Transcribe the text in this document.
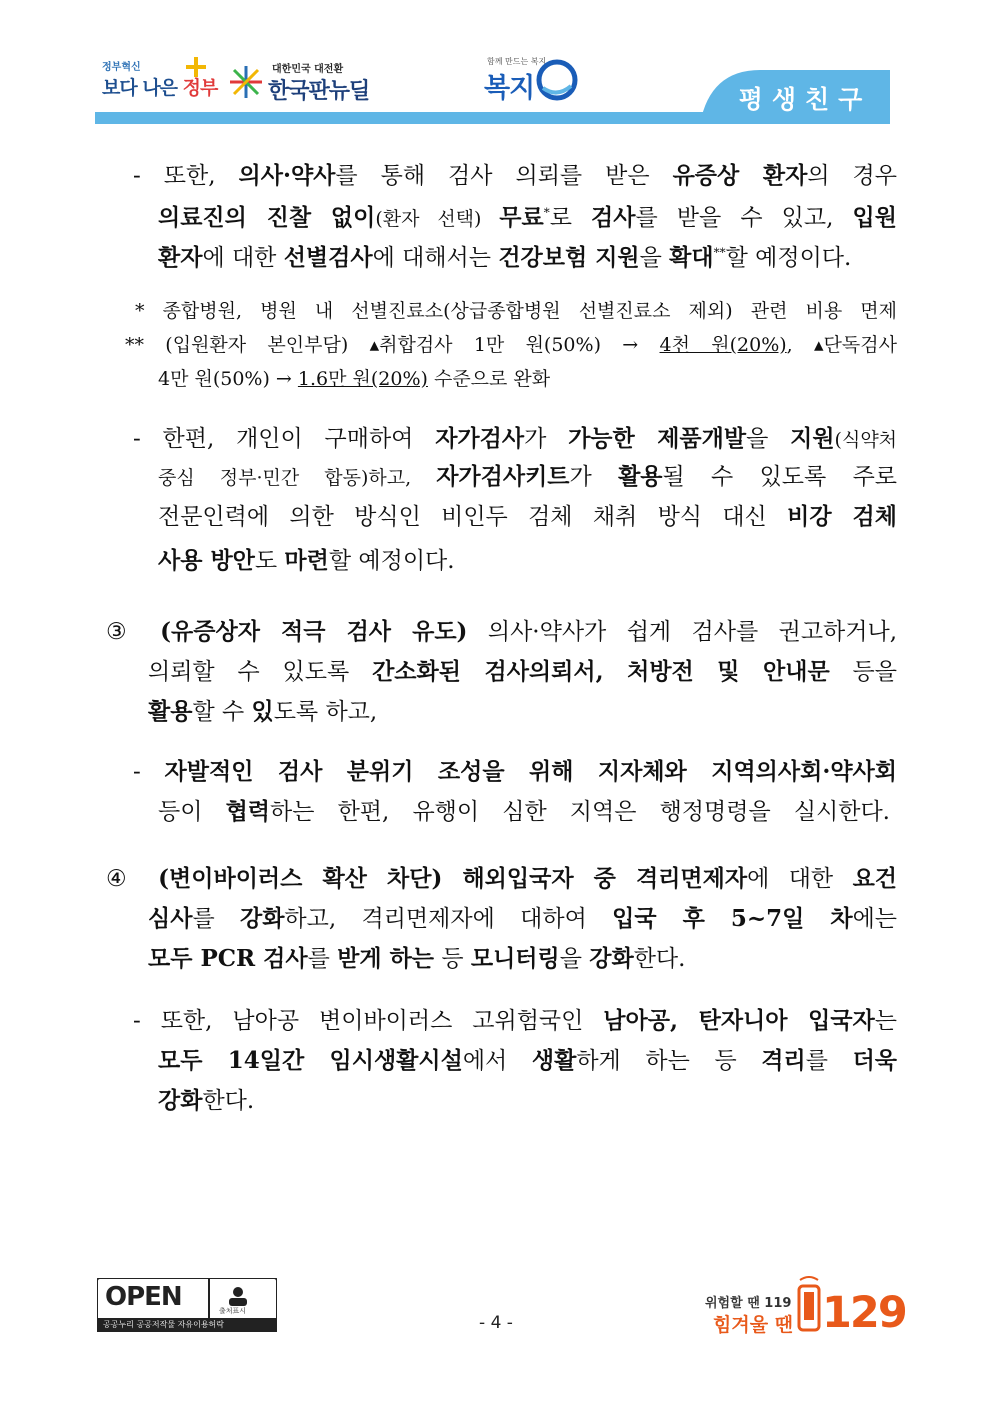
정부혁신
보다 나은 정부
대한민국 대전환
한국판뉴딜
함께 만드는 복지
복지	평생친구
- 또한, 의사·약사를 통해 검사 의뢰를 받은 유증상 환자의 경우
의료진의 진찰 없이(환자 선택) 무료*로 검사를 받을 수 있고, 입원
환자에 대한 선별검사에 대해서는 건강보험 지원을 확대**할 예정이다.
* 종합병원, 병원 내 선별진료소(상급종합병원 선별진료소 제외) 관련 비용 면제
** (입원환자 본인부담) ▴취합검사 1만 원(50%) → 4천 원(20%), ▴단독검사
4만 원(50%) → 1.6만 원(20%) 수준으로 완화
- 한편, 개인이 구매하여 자가검사가 가능한 제품개발을 지원(식약처
중심 정부·민간 합동)하고, 자가검사키트가 활용될 수 있도록 주로
전문인력에 의한 방식인 비인두 검체 채취 방식 대신 비강 검체
사용 방안도 마련할 예정이다.
③ (유증상자 적극 검사 유도) 의사·약사가 쉽게 검사를 권고하거나,
의뢰할 수 있도록 간소화된 검사의뢰서, 처방전 및 안내문 등을
활용할 수 있도록 하고,
- 자발적인 검사 분위기 조성을 위해 지자체와 지역의사회·약사회
등이 협력하는 한편, 유행이 심한 지역은 행정명령을 실시한다.
④ (변이바이러스 확산 차단) 해외입국자 중 격리면제자에 대한 요건
심사를 강화하고, 격리면제자에 대하여 입국 후 5~7일 차에는
모두 PCR 검사를 받게 하는 등 모니터링을 강화한다.
- 또한, 남아공 변이바이러스 고위험국인 남아공, 탄자니아 입국자는
모두 14일간 임시생활시설에서 생활하게 하는 등 격리를 더욱
강화한다.
OPEN	출처표시
공공누리 공공저작물 자유이용허락	- 4 -
위험할 땐 119
힘겨울 땐 129
